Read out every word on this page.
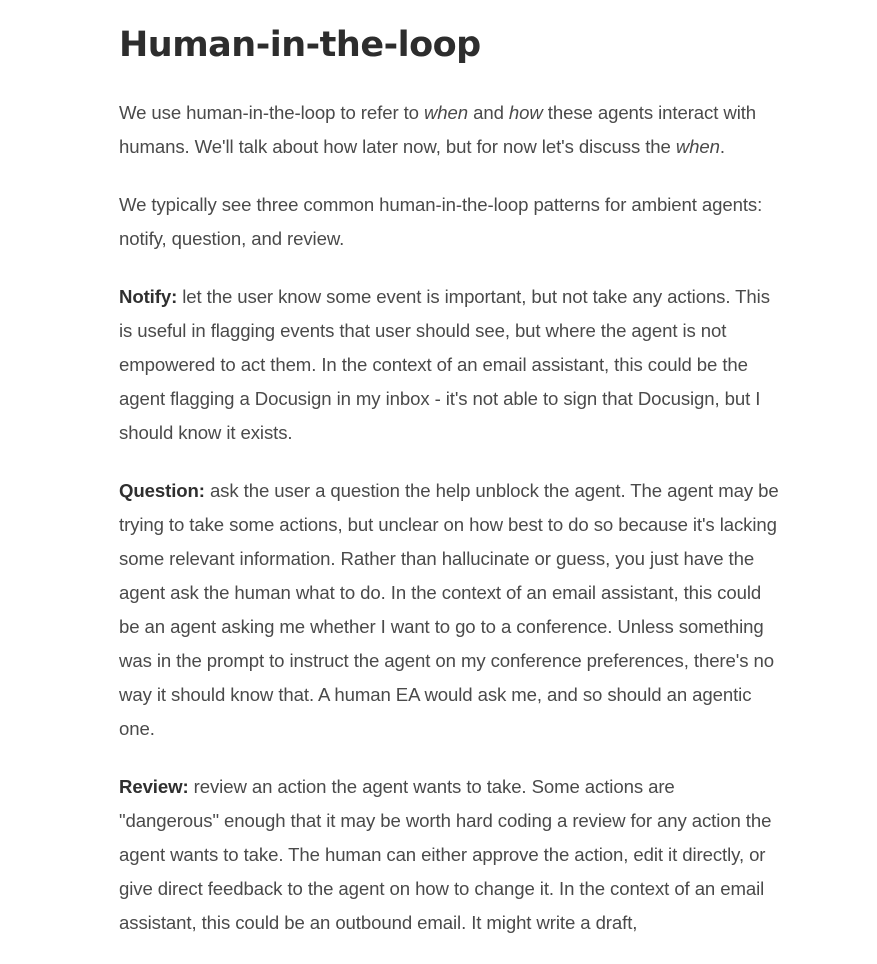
Human-in-the-loop

We use human-in-the-loop to refer to when and how these agents interact with humans. We'll talk about how later now, but for now let's discuss the when.

We typically see three common human-in-the-loop patterns for ambient agents: notify, question, and review.

Notify: let the user know some event is important, but not take any actions. This is useful in flagging events that user should see, but where the agent is not empowered to act them. In the context of an email assistant, this could be the agent flagging a Docusign in my inbox - it's not able to sign that Docusign, but I should know it exists.

Question: ask the user a question the help unblock the agent. The agent may be trying to take some actions, but unclear on how best to do so because it's lacking some relevant information. Rather than hallucinate or guess, you just have the agent ask the human what to do. In the context of an email assistant, this could be an agent asking me whether I want to go to a conference. Unless something was in the prompt to instruct the agent on my conference preferences, there's no way it should know that. A human EA would ask me, and so should an agentic one.

Review: review an action the agent wants to take. Some actions are "dangerous" enough that it may be worth hard coding a review for any action the agent wants to take. The human can either approve the action, edit it directly, or give direct feedback to the agent on how to change it. In the context of an email assistant, this could be an outbound email. It might write a draft,
